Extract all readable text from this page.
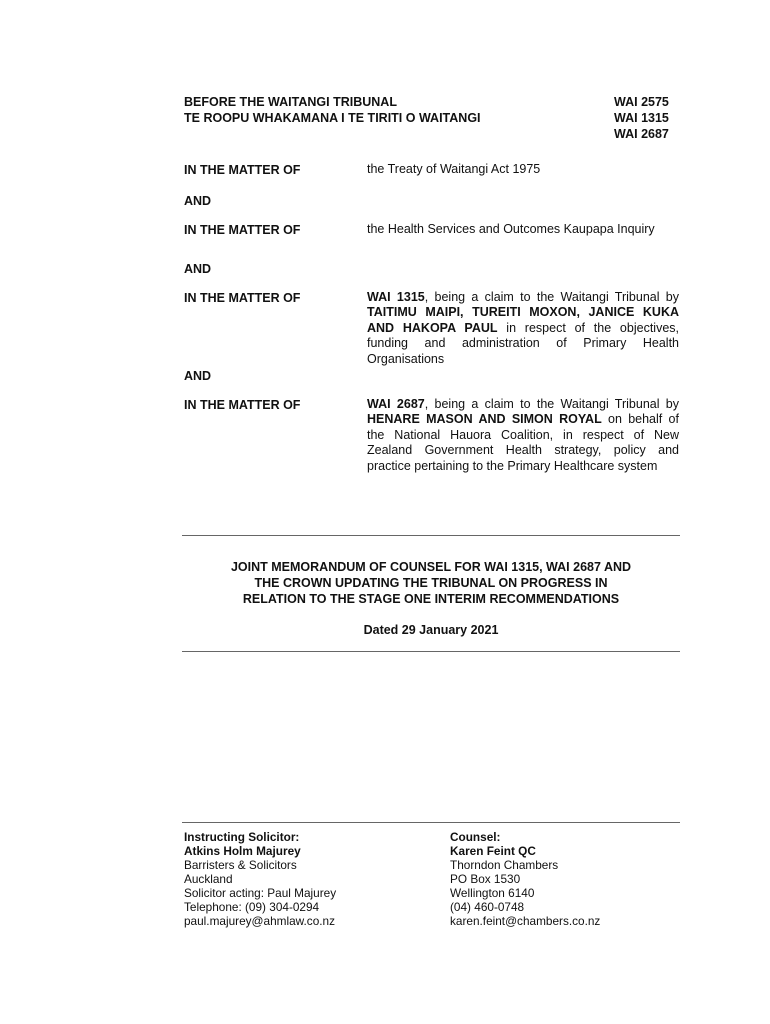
BEFORE THE WAITANGI TRIBUNAL
TE ROOPU WHAKAMANA I TE TIRITI O WAITANGI
WAI 2575
WAI 1315
WAI 2687
IN THE MATTER OF	the Treaty of Waitangi Act 1975
AND
IN THE MATTER OF	the Health Services and Outcomes Kaupapa Inquiry
AND
IN THE MATTER OF	WAI 1315, being a claim to the Waitangi Tribunal by TAITIMU MAIPI, TUREITI MOXON, JANICE KUKA AND HAKOPA PAUL in respect of the objectives, funding and administration of Primary Health Organisations
AND
IN THE MATTER OF	WAI 2687, being a claim to the Waitangi Tribunal by HENARE MASON AND SIMON ROYAL on behalf of the National Hauora Coalition, in respect of New Zealand Government Health strategy, policy and practice pertaining to the Primary Healthcare system
JOINT MEMORANDUM OF COUNSEL FOR WAI 1315, WAI 2687 AND
THE CROWN UPDATING THE TRIBUNAL ON PROGRESS IN
RELATION TO THE STAGE ONE INTERIM RECOMMENDATIONS
Dated 29 January 2021
Instructing Solicitor:
Atkins Holm Majurey
Barristers & Solicitors
Auckland
Solicitor acting: Paul Majurey
Telephone: (09) 304-0294
paul.majurey@ahmlaw.co.nz
Counsel:
Karen Feint QC
Thorndon Chambers
PO Box 1530
Wellington 6140
(04) 460-0748
karen.feint@chambers.co.nz
